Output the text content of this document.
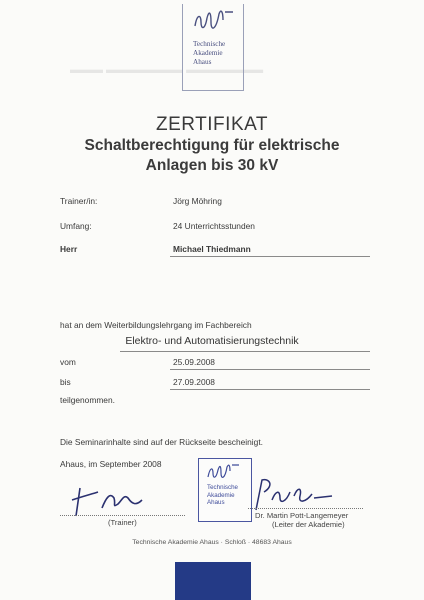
▬▬▬ ▬▬▬▬▬▬▬ ▬▬▬▬▬▬▬
Technische
Akademie
Ahaus
ZERTIFIKAT
Schaltberechtigung für elektrische
Anlagen bis 30 kV
Trainer/in:	Jörg Möhring
Umfang:	24 Unterrichtsstunden
Herr	Michael Thiedmann
hat an dem Weiterbildungslehrgang im Fachbereich
Elektro- und Automatisierungstechnik
vom	25.09.2008
bis	27.09.2008
teilgenommen.
Die Seminarinhalte sind auf der Rückseite bescheinigt.
Ahaus, im September 2008
(Trainer)
Technische
Akademie
Ahaus
Dr. Martin Pott-Langemeyer
(Leiter der Akademie)
Technische Akademie Ahaus · Schloß · 48683 Ahaus
